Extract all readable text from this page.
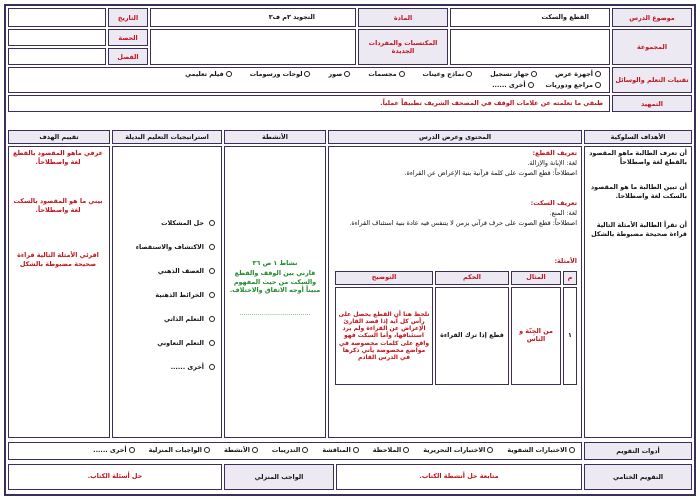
موضوع الدرس
القطع والسكت
المادة
التجويد ٣م ف٣
التاريخ
المجموعة
المكتسبات والمفردات الجديدة
الحصة
الفصل
تقنيات التعلم والوسائل
أجهزة عرض
جهاز تسجيل
نماذج وعينات
مجسمات
صور
لوحات ورسومات
فيلم تعليمي
مراجع ودوريات
أخرى ......
التمهيد
طبقي ما تعلمته عن علامات الوقف في المصحف الشريف تطبيقاً عملياً.
الأهداف السلوكية
المحتوى وعرض الدرس
الأنشطة
استراتيجيات التعليم البديلة
تقييم الهدف
أن تعرف الطالبة ماهو المقصود بالقطع لغة واصطلاحاً
أن تبين الطالبة ما هو المقصود بالسكت لغة واصطلاحا.
أن تقرأ الطالبة الأمثلة التالية قراءة صحيحة مضبوطة بالشكل
تعريف القطع:
لغة: الإبانة والإزالة.
اصطلاحاً: قطع الصوت على كلمة قرآنية بنية الإعراض عن القراءة.
تعريف السكت:
لغة: المنع.
اصطلاحاً: قطع الصوت على حرف قرآني بزمن لا يتنفس فيه عادة بنية استئناف القراءة.
الأمثلة:
م
المثال
الحكم
التوضيح
١
من الجِنّة و الناس
قطع إذا ترك القراءة
نلحظ هنا أن القطع يحصل على رأس كل آية إذا قصد القارئ الإعراض عن القراءة ولم يرد استئنافها، وأما السكت فهو واقع على كلمات مخصوصة في مواضع مخصوصة يأتي ذكرها في الدرس القادم
نشاط ١ ص ٣٦
قارني بين الوقف والقطع والسكت من حيث المفهوم مبيناً أوجه الاتفاق والاختلاف.
...................................
حل المشكلات
الاكتشاف والاستقصاء
العصف الذهني
الخرائط الذهنية
التعلم الذاتي
التعلم التعاوني
أخرى ......
عرفي ماهو المقصود بالقطع لغة واصطلاحاً.
بيني ما هو المقصود بالسكت لغة واصطلاحاً.
اقرئي الأمثلة التالية قراءة صحيحة مضبوطة بالشكل
أدوات التقويم
الاختبارات الشفوية
الاختبارات التحريرية
الملاحظة
المناقشة
التدريبات
الأنشطة
الواجبات المنزلية
أخرى ......
التقويم الختامي
متابعة حل أنشطة الكتاب.
الواجب المنزلي
حل أسئلة الكتاب.
